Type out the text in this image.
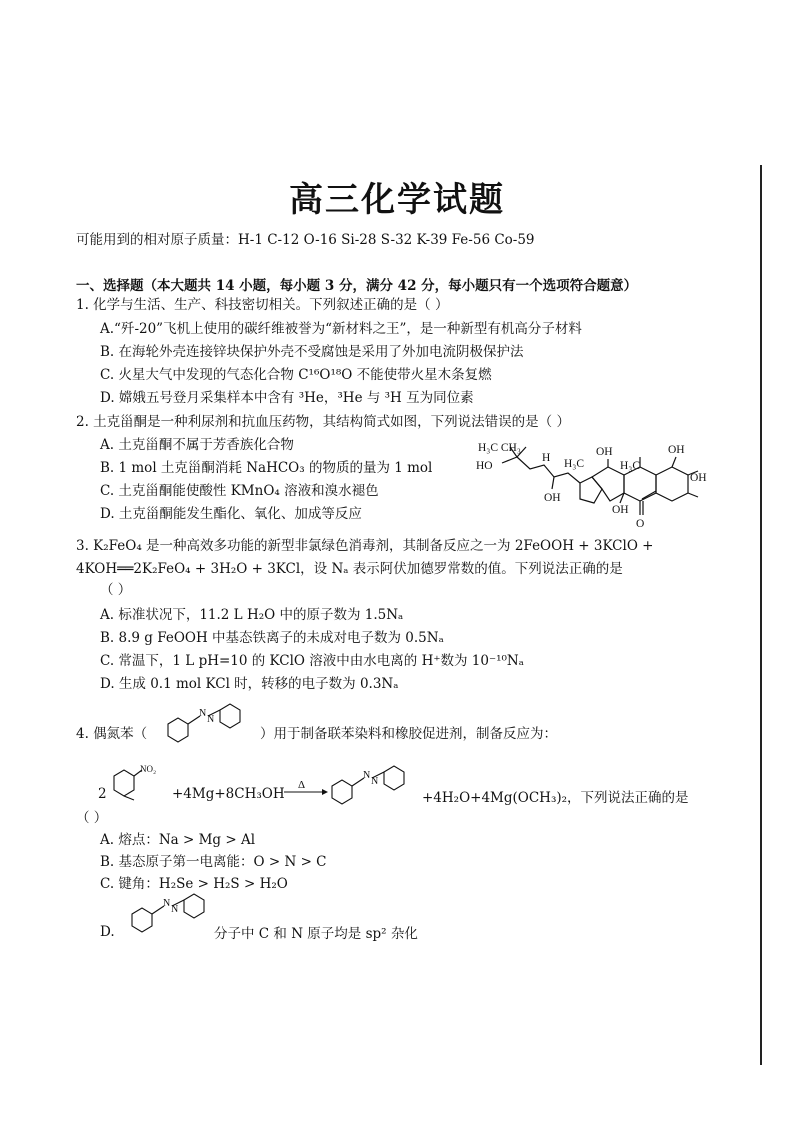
高三化学试题
可能用到的相对原子质量：H-1 C-12 O-16 Si-28 S-32 K-39 Fe-56 Co-59
一、选择题（本大题共 14 小题，每小题 3 分，满分 42 分，每小题只有一个选项符合题意）
1. 化学与生活、生产、科技密切相关。下列叙述正确的是（ ）
A.“歼-20”飞机上使用的碳纤维被誉为“新材料之王”，是一种新型有机高分子材料
B. 在海轮外壳连接锌块保护外壳不受腐蚀是采用了外加电流阴极保护法
C. 火星大气中发现的气态化合物 C¹⁶O¹⁸O 不能使带火星木条复燃
D. 嫦娥五号登月采集样本中含有 ³He，³He 与 ³H 互为同位素
2. 土克甾酮是一种利尿剂和抗血压药物，其结构简式如图，下列说法错误的是（ ）
A. 土克甾酮不属于芳香族化合物
B. 1 mol 土克甾酮消耗 NaHCO₃ 的物质的量为 1 mol
C. 土克甾酮能使酸性 KMnO₄ 溶液和溴水褪色
D. 土克甾酮能发生酯化、氧化、加成等反应
H₃C CH₃
HO
H H₃C	H₃C
OH	OH
OH
OH
OH
O
3. K₂FeO₄ 是一种高效多功能的新型非氯绿色消毒剂，其制备反应之一为 2FeOOH + 3KClO +
4KOH══2K₂FeO₄ + 3H₂O + 3KCl，设 Nₐ 表示阿伏加德罗常数的值。下列说法正确的是
（ ）
A. 标准状况下，11.2 L H₂O 中的原子数为 1.5Nₐ
B. 8.9 g FeOOH 中基态铁离子的未成对电子数为 0.5Nₐ
C. 常温下，1 L pH=10 的 KClO 溶液中由水电离的 H⁺数为 10⁻¹⁰Nₐ
D. 生成 0.1 mol KCl 时，转移的电子数为 0.3Nₐ
4. 偶氮苯（
N
N
）用于制备联苯染料和橡胶促进剂，制备反应为：
2
NO₂
+4Mg+8CH₃OH
Δ
N
N
+4H₂O+4Mg(OCH₃)₂，下列说法正确的是
（ ）
A. 熔点：Na > Mg > Al
B. 基态原子第一电离能：O > N > C
C. 键角：H₂Se > H₂S > H₂O
D.
N
N
分子中 C 和 N 原子均是 sp² 杂化
